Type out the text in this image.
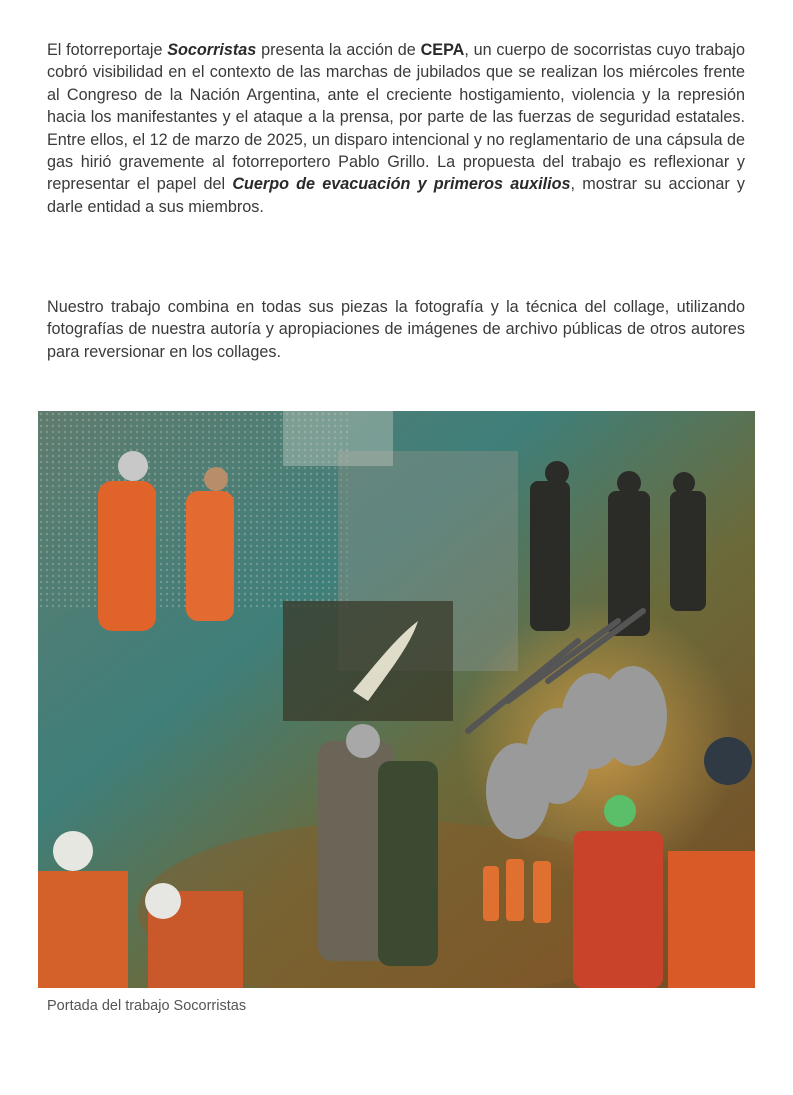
El fotorreportaje Socorristas presenta la acción de CEPA, un cuerpo de socorristas cuyo trabajo cobró visibilidad en el contexto de las marchas de jubilados que se realizan los miércoles frente al Congreso de la Nación Argentina, ante el creciente hostigamiento, violencia y la represión hacia los manifestantes y el ataque a la prensa, por parte de las fuerzas de seguridad estatales. Entre ellos, el 12 de marzo de 2025, un disparo intencional y no reglamentario de una cápsula de gas hirió gravemente al fotorreportero Pablo Grillo. La propuesta del trabajo es reflexionar y representar el papel del Cuerpo de evacuación y primeros auxilios, mostrar su accionar y darle entidad a sus miembros.

Nuestro trabajo combina en todas sus piezas la fotografía y la técnica del collage, utilizando fotografías de nuestra autoría y apropiaciones de imágenes de archivo públicas de otros autores para reversionar en los collages.

Portada del trabajo Socorristas
